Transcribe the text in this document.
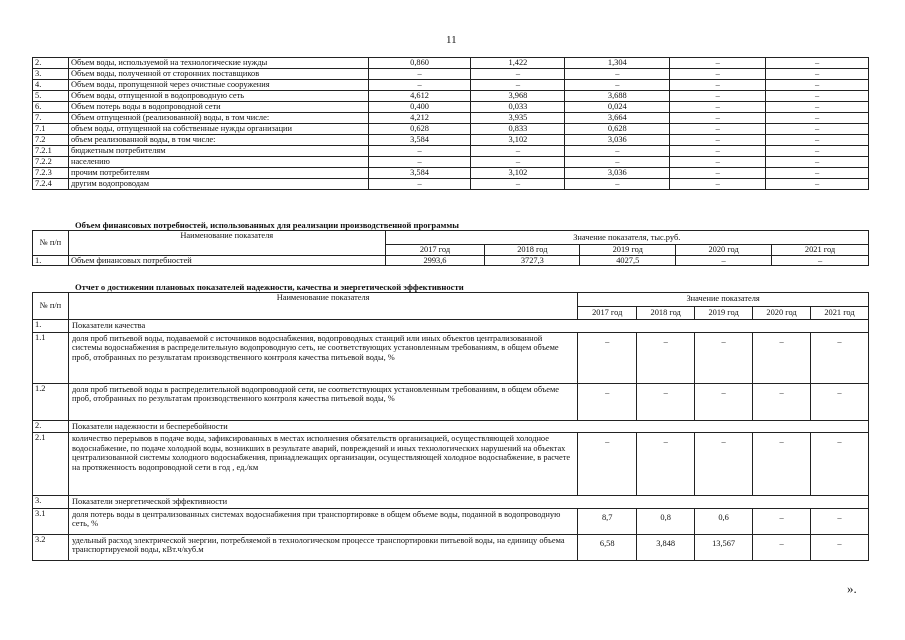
11
2.	Объем воды, используемой на технологические нужды	0,860	1,422	1,304	–	–
3.	Объем воды, полученной от сторонних поставщиков	–	–	–	–	–
4.	Объем воды, пропущенной через очистные сооружения	–	–	–	–	–
5.	Объем воды, отпущенной в водопроводную сеть	4,612	3,968	3,688	–	–
6.	Объем потерь воды в водопроводной сети	0,400	0,033	0,024	–	–
7.	Объем отпущенной (реализованной) воды, в том числе:	4,212	3,935	3,664	–	–
7.1	объем воды, отпущенной на собственные нужды организации	0,628	0,833	0,628	–	–
7.2	объем реализованной воды, в том числе:	3,584	3,102	3,036	–	–
7.2.1	бюджетным потребителям	–	–	–	–	–
7.2.2	населению	–	–	–	–	–
7.2.3	прочим потребителям	3,584	3,102	3,036	–	–
7.2.4	другим водопроводам	–	–	–	–	–
Объем финансовых потребностей, использованных для реализации производственной программы
№ п/п	Наименование показателя	Значение показателя, тыс.руб.				
		2017 год	2018 год	2019 год	2020 год	2021 год
1.	Объем финансовых потребностей	2993,6	3727,3	4027,5	–	–
Отчет о достижении плановых показателей надежности, качества и энергетической эффективности
№ п/п	Наименование показателя	Значение показателя				
		2017 год	2018 год	2019 год	2020 год	2021 год
1.	Показатели качества					
1.1	доля проб питьевой воды, подаваемой с источников водоснабжения, водопроводных станций или иных объектов централизованной системы водоснабжения в распределительную водопроводную сеть, не соответствующих установленным требованиям, в общем объеме проб, отобранных по результатам производственного контроля качества питьевой воды, %	–	–	–	–	–
1.2	доля проб питьевой воды в распределительной водопроводной сети, не соответствующих установленным требованиям, в общем объеме проб, отобранных по результатам производственного контроля качества питьевой воды, %	–	–	–	–	–
2.	Показатели надежности и бесперебойности					
2.1	количество перерывов в подаче воды, зафиксированных в местах исполнения обязательств организацией, осуществляющей холодное водоснабжение, по подаче холодной воды, возникших в результате аварий, повреждений и иных технологических нарушений на объектах централизованной системы холодного водоснабжения, принадлежащих организации, осуществляющей холодное водоснабжение, в расчете на протяженность водопроводной сети в год , ед./км	–	–	–	–	–
3.	Показатели энергетической эффективности					
3.1	доля потерь воды в централизованных системах водоснабжения при транспортировке в общем объеме воды, поданной в водопроводную сеть, %	8,7	0,8	0,6	–	–
3.2	удельный расход электрической энергии, потребляемой в технологическом процессе транспортировки питьевой воды, на единицу объема транспортируемой воды, кВт.ч/куб.м	6,58	3,848	13,567	–	–
».
